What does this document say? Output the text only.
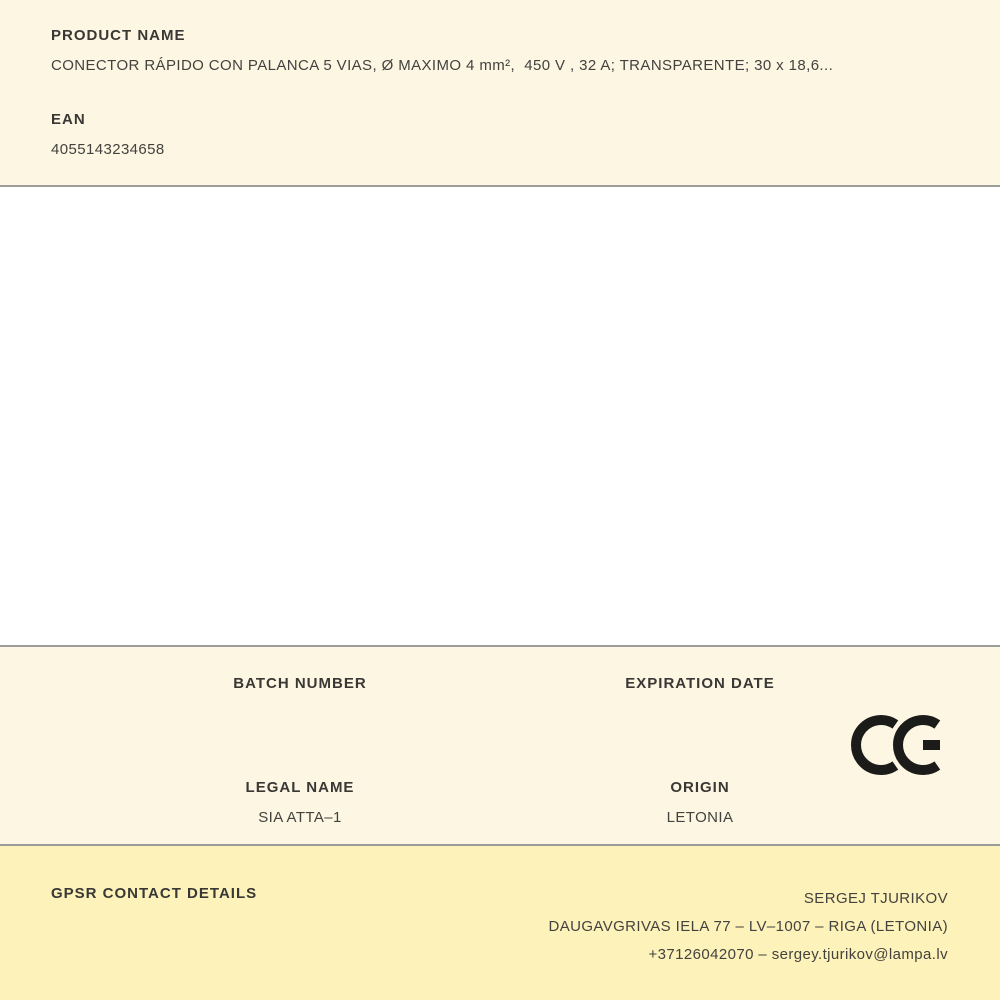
PRODUCT NAME
CONECTOR RÁPIDO CON PALANCA 5 VIAS, Ø MAXIMO 4 mm²,  450 V , 32 A; TRANSPARENTE; 30 x 18,6...
EAN
4055143234658
BATCH NUMBER	EXPIRATION DATE
LEGAL NAME
SIA ATTA–1
ORIGIN
LETONIA
GPSR CONTACT DETAILS	SERGEJ TJURIKOV
DAUGAVGRIVAS IELA 77 – LV–1007 – RIGA (LETONIA)
+37126042070 – sergey.tjurikov@lampa.lv
